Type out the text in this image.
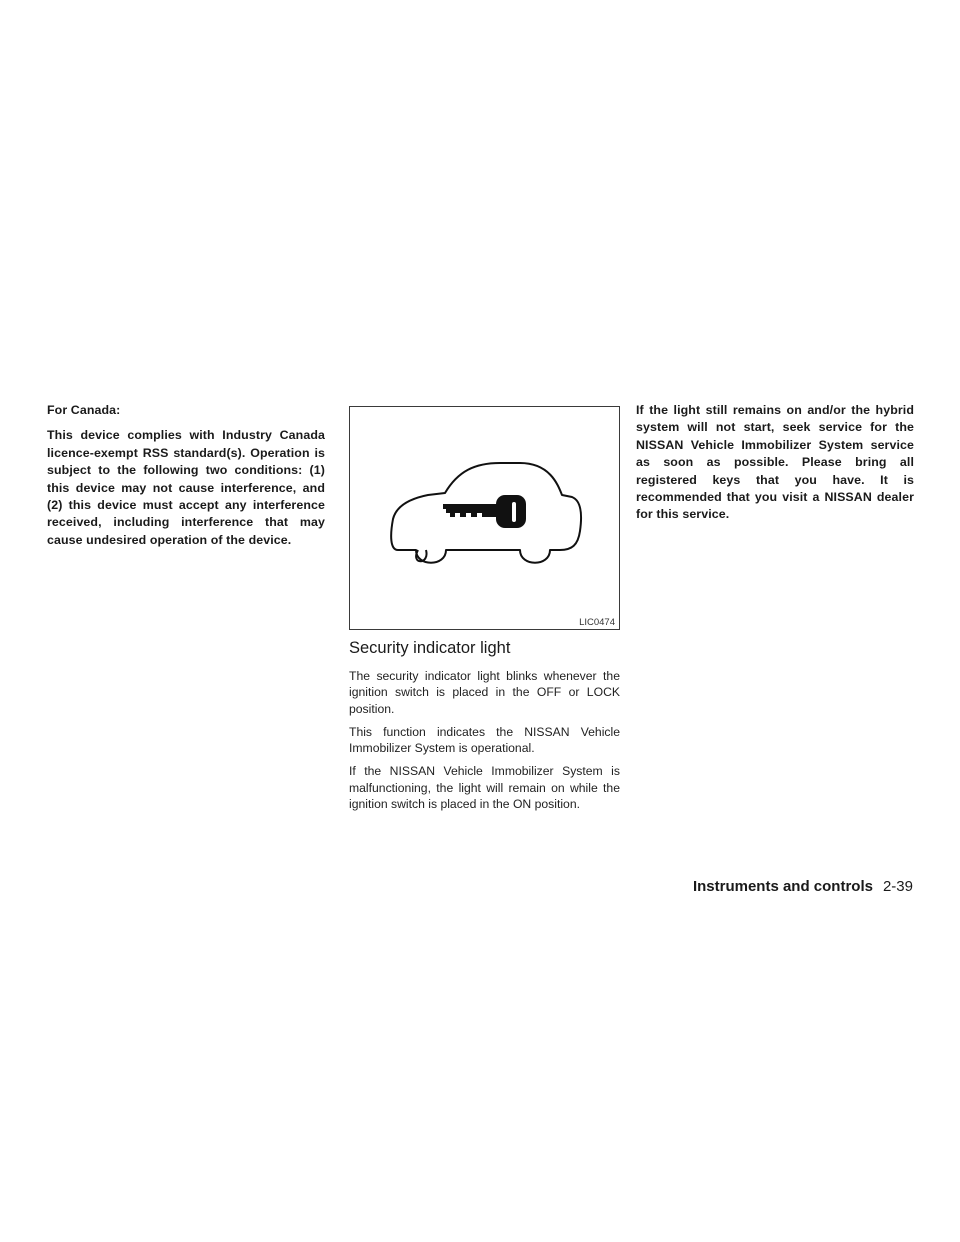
For Canada:

This device complies with Industry Canada licence-exempt RSS standard(s). Operation is subject to the following two conditions: (1) this device may not cause interference, and (2) this device must accept any interference received, including interference that may cause undesired operation of the device.

LIC0474
Security indicator light

The security indicator light blinks whenever the ignition switch is placed in the OFF or LOCK position.

This function indicates the NISSAN Vehicle Immobilizer System is operational.

If the NISSAN Vehicle Immobilizer System is malfunctioning, the light will remain on while the ignition switch is placed in the ON position.

If the light still remains on and/or the hybrid system will not start, seek service for the NISSAN Vehicle Immobilizer System service as soon as possible. Please bring all registered keys that you have. It is recommended that you visit a NISSAN dealer for this service.

Instruments and controls 2-39
